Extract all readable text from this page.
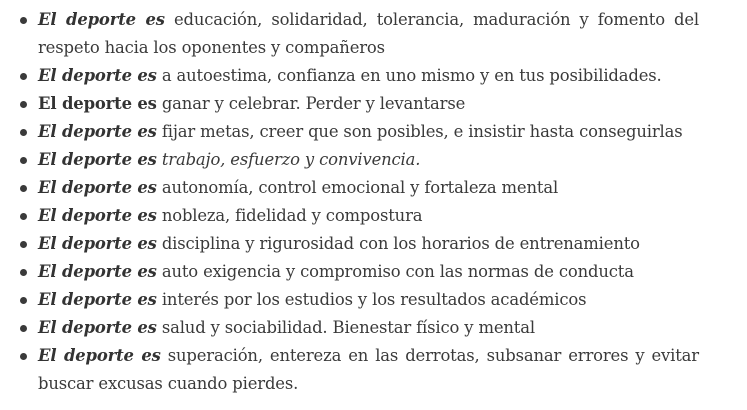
El deporte es educación, solidaridad, tolerancia, maduración y fomento del respeto hacia los oponentes y compañeros
El deporte es a autoestima, confianza en uno mismo y en tus posibilidades.
El deporte es ganar y celebrar. Perder y levantarse
El deporte es fijar metas, creer que son posibles, e insistir hasta conseguirlas
El deporte es trabajo, esfuerzo y convivencia.
El deporte es autonomía, control emocional y fortaleza mental
El deporte es nobleza, fidelidad y compostura
El deporte es disciplina y rigurosidad con los horarios de entrenamiento
El deporte es auto exigencia y compromiso con las normas de conducta
El deporte es interés por los estudios y los resultados académicos
El deporte es salud y sociabilidad. Bienestar físico y mental
El deporte es superación, entereza en las derrotas, subsanar errores y evitar buscar excusas cuando pierdes.
